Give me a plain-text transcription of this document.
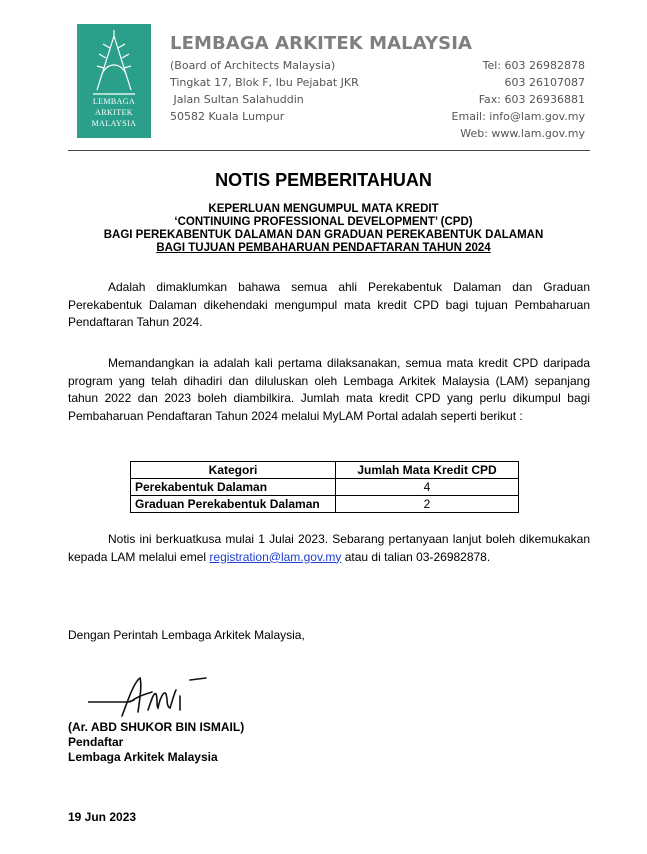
LEMBAGA
ARKITEK
MALAYSIA
LEMBAGA ARKITEK MALAYSIA
(Board of Architects Malaysia)
Tingkat 17, Blok F, Ibu Pejabat JKR
Jalan Sultan Salahuddin
50582 Kuala Lumpur
Tel: 603 26982878
603 26107087
Fax: 603 26936881
Email: info@lam.gov.my
Web: www.lam.gov.my
NOTIS PEMBERITAHUAN
KEPERLUAN MENGUMPUL MATA KREDIT
‘CONTINUING PROFESSIONAL DEVELOPMENT’ (CPD)
BAGI PEREKABENTUK DALAMAN DAN GRADUAN PEREKABENTUK DALAMAN
BAGI TUJUAN PEMBAHARUAN PENDAFTARAN TAHUN 2024
Adalah dimaklumkan bahawa semua ahli Perekabentuk Dalaman dan Graduan Perekabentuk Dalaman dikehendaki mengumpul mata kredit CPD bagi tujuan Pembaharuan Pendaftaran Tahun 2024.
Memandangkan ia adalah kali pertama dilaksanakan, semua mata kredit CPD daripada program yang telah dihadiri dan diluluskan oleh Lembaga Arkitek Malaysia (LAM) sepanjang tahun 2022 dan 2023 boleh diambilkira. Jumlah mata kredit CPD yang perlu dikumpul bagi Pembaharuan Pendaftaran Tahun 2024 melalui MyLAM Portal adalah seperti berikut :
Kategori	Jumlah Mata Kredit CPD
Perekabentuk Dalaman	4
Graduan Perekabentuk Dalaman	2
Notis ini berkuatkusa mulai 1 Julai 2023. Sebarang pertanyaan lanjut boleh dikemukakan kepada LAM melalui emel registration@lam.gov.my atau di talian 03-26982878.
Dengan Perintah Lembaga Arkitek Malaysia,
(Ar. ABD SHUKOR BIN ISMAIL)
Pendaftar
Lembaga Arkitek Malaysia
19 Jun 2023
